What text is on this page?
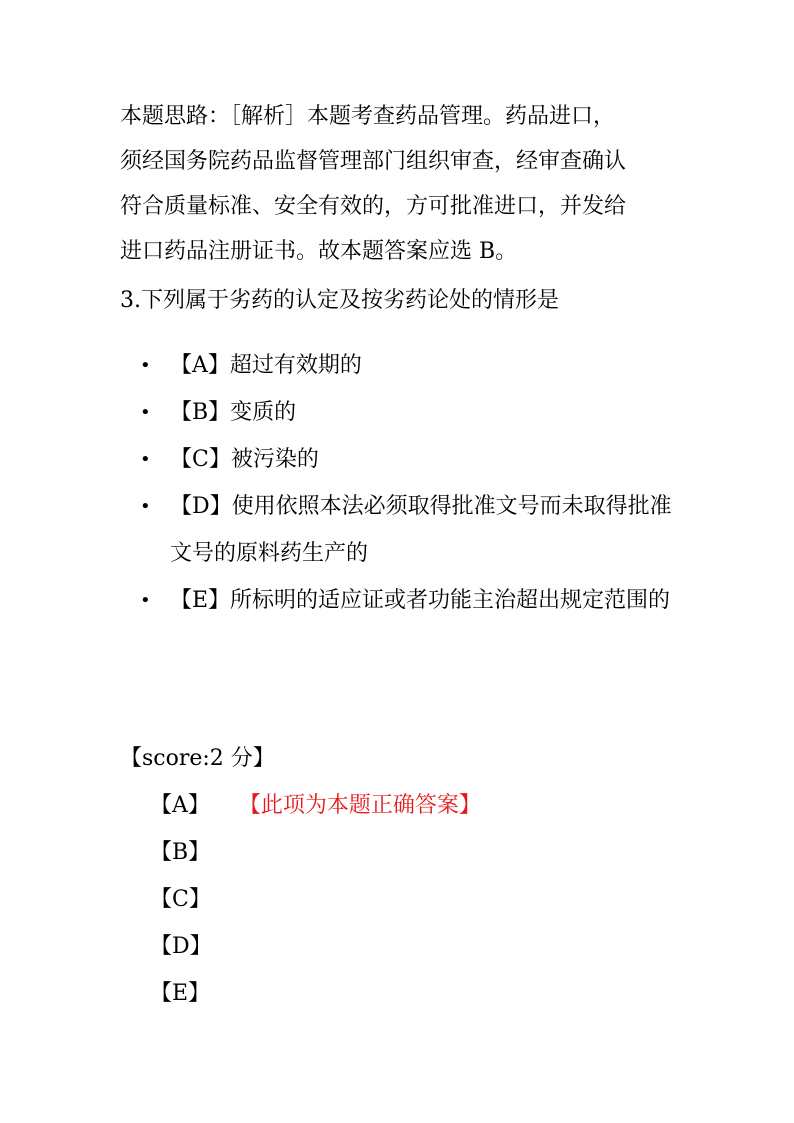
本题思路：［解析］本题考查药品管理。药品进口，
须经国务院药品监督管理部门组织审查，经审查确认
符合质量标准、安全有效的，方可批准进口，并发给
进口药品注册证书。故本题答案应选 B。

3.下列属于劣药的认定及按劣药论处的情形是

• 【A】超过有效期的
• 【B】变质的
• 【C】被污染的
• 【D】使用依照本法必须取得批准文号而未取得批准文号的原料药生产的
• 【E】所标明的适应证或者功能主治超出规定范围的

【score:2 分】

【A】 【此项为本题正确答案】
【B】
【C】
【D】
【E】
